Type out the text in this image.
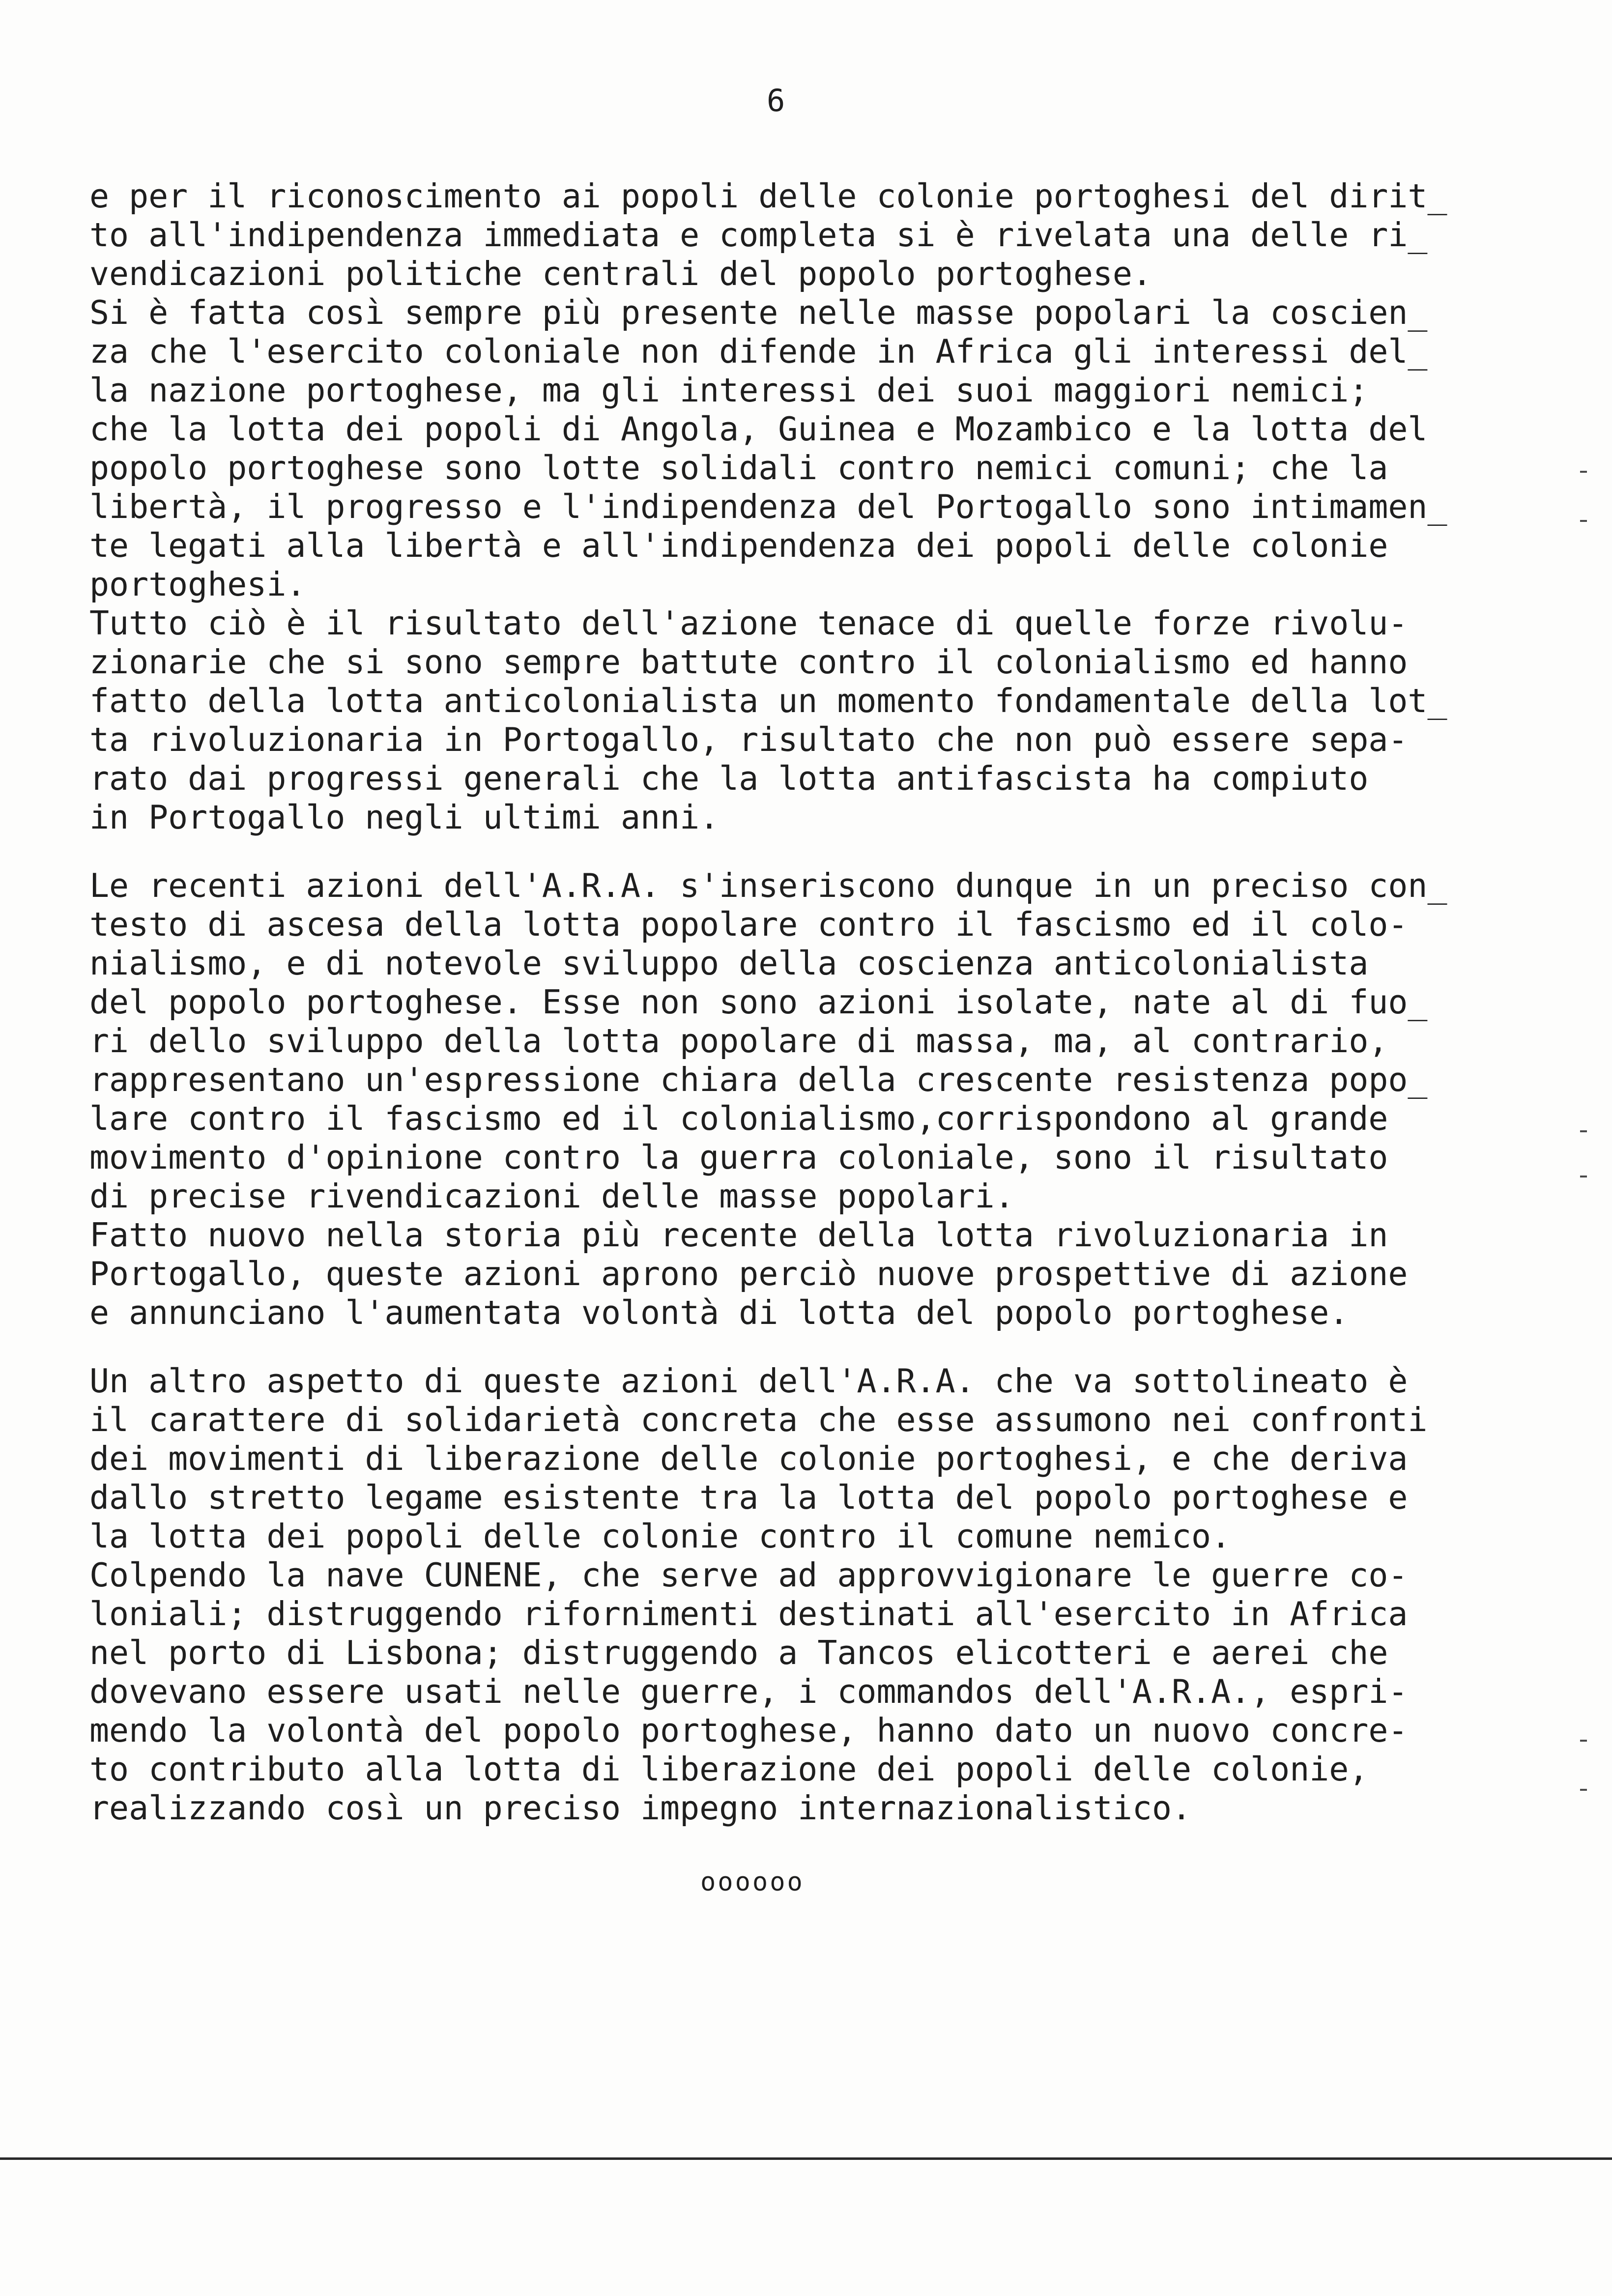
6
e per il riconoscimento ai popoli delle colonie portoghesi del dirit_
to all'indipendenza immediata e completa si è rivelata una delle ri_
vendicazioni politiche centrali del popolo portoghese.
Si è fatta così sempre più presente nelle masse popolari la coscien_
za che l'esercito coloniale non difende in Africa gli interessi del_
la nazione portoghese, ma gli interessi dei suoi maggiori nemici;
che la lotta dei popoli di Angola, Guinea e Mozambico e la lotta del
popolo portoghese sono lotte solidali contro nemici comuni; che la
libertà, il progresso e l'indipendenza del Portogallo sono intimamen_
te legati alla libertà e all'indipendenza dei popoli delle colonie
portoghesi.
Tutto ciò è il risultato dell'azione tenace di quelle forze rivolu-
zionarie che si sono sempre battute contro il colonialismo ed hanno
fatto della lotta anticolonialista un momento fondamentale della lot_
ta rivoluzionaria in Portogallo, risultato che non può essere sepa-
rato dai progressi generali che la lotta antifascista ha compiuto
in Portogallo negli ultimi anni.
Le recenti azioni dell'A.R.A. s'inseriscono dunque in un preciso con_
testo di ascesa della lotta popolare contro il fascismo ed il colo-
nialismo, e di notevole sviluppo della coscienza anticolonialista
del popolo portoghese. Esse non sono azioni isolate, nate al di fuo_
ri dello sviluppo della lotta popolare di massa, ma, al contrario,
rappresentano un'espressione chiara della crescente resistenza popo_
lare contro il fascismo ed il colonialismo,corrispondono al grande
movimento d'opinione contro la guerra coloniale, sono il risultato
di precise rivendicazioni delle masse popolari.
Fatto nuovo nella storia più recente della lotta rivoluzionaria in
Portogallo, queste azioni aprono perciò nuove prospettive di azione
e annunciano l'aumentata volontà di lotta del popolo portoghese.
Un altro aspetto di queste azioni dell'A.R.A. che va sottolineato è
il carattere di solidarietà concreta che esse assumono nei confronti
dei movimenti di liberazione delle colonie portoghesi, e che deriva
dallo stretto legame esistente tra la lotta del popolo portoghese e
la lotta dei popoli delle colonie contro il comune nemico.
Colpendo la nave CUNENE, che serve ad approvvigionare le guerre co-
loniali; distruggendo rifornimenti destinati all'esercito in Africa
nel porto di Lisbona; distruggendo a Tancos elicotteri e aerei che
dovevano essere usati nelle guerre, i commandos dell'A.R.A., espri-
mendo la volontà del popolo portoghese, hanno dato un nuovo concre-
to contributo alla lotta di liberazione dei popoli delle colonie,
realizzando così un preciso impegno internazionalistico.
oooooo
